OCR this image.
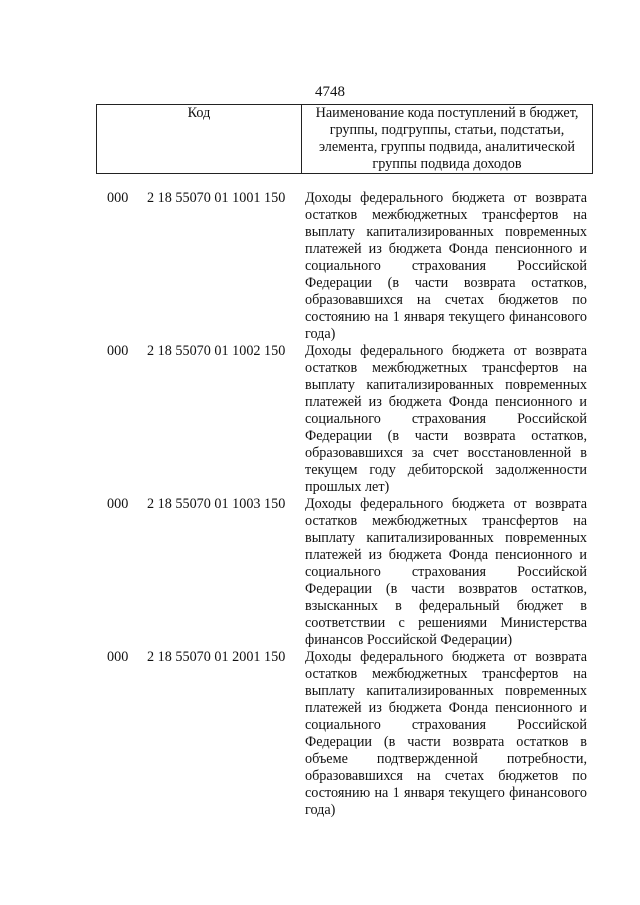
4748
Код	Наименование кода поступлений в бюджет, группы, подгруппы, статьи, подстатьи, элемента, группы подвида, аналитической группы подвида доходов
000 2 18 55070 01 1001 150 Доходы федерального бюджета от возврата остатков межбюджетных трансфертов на выплату капитализированных повременных платежей из бюджета Фонда пенсионного и социального страхования Российской Федерации (в части возврата остатков, образовавшихся на счетах бюджетов по состоянию на 1 января текущего финансового года)
000 2 18 55070 01 1002 150 Доходы федерального бюджета от возврата остатков межбюджетных трансфертов на выплату капитализированных повременных платежей из бюджета Фонда пенсионного и социального страхования Российской Федерации (в части возврата остатков, образовавшихся за счет восстановленной в текущем году дебиторской задолженности прошлых лет)
000 2 18 55070 01 1003 150 Доходы федерального бюджета от возврата остатков межбюджетных трансфертов на выплату капитализированных повременных платежей из бюджета Фонда пенсионного и социального страхования Российской Федерации (в части возвратов остатков, взысканных в федеральный бюджет в соответствии с решениями Министерства финансов Российской Федерации)
000 2 18 55070 01 2001 150 Доходы федерального бюджета от возврата остатков межбюджетных трансфертов на выплату капитализированных повременных платежей из бюджета Фонда пенсионного и социального страхования Российской Федерации (в части возврата остатков в объеме подтвержденной потребности, образовавшихся на счетах бюджетов по состоянию на 1 января текущего финансового года)
